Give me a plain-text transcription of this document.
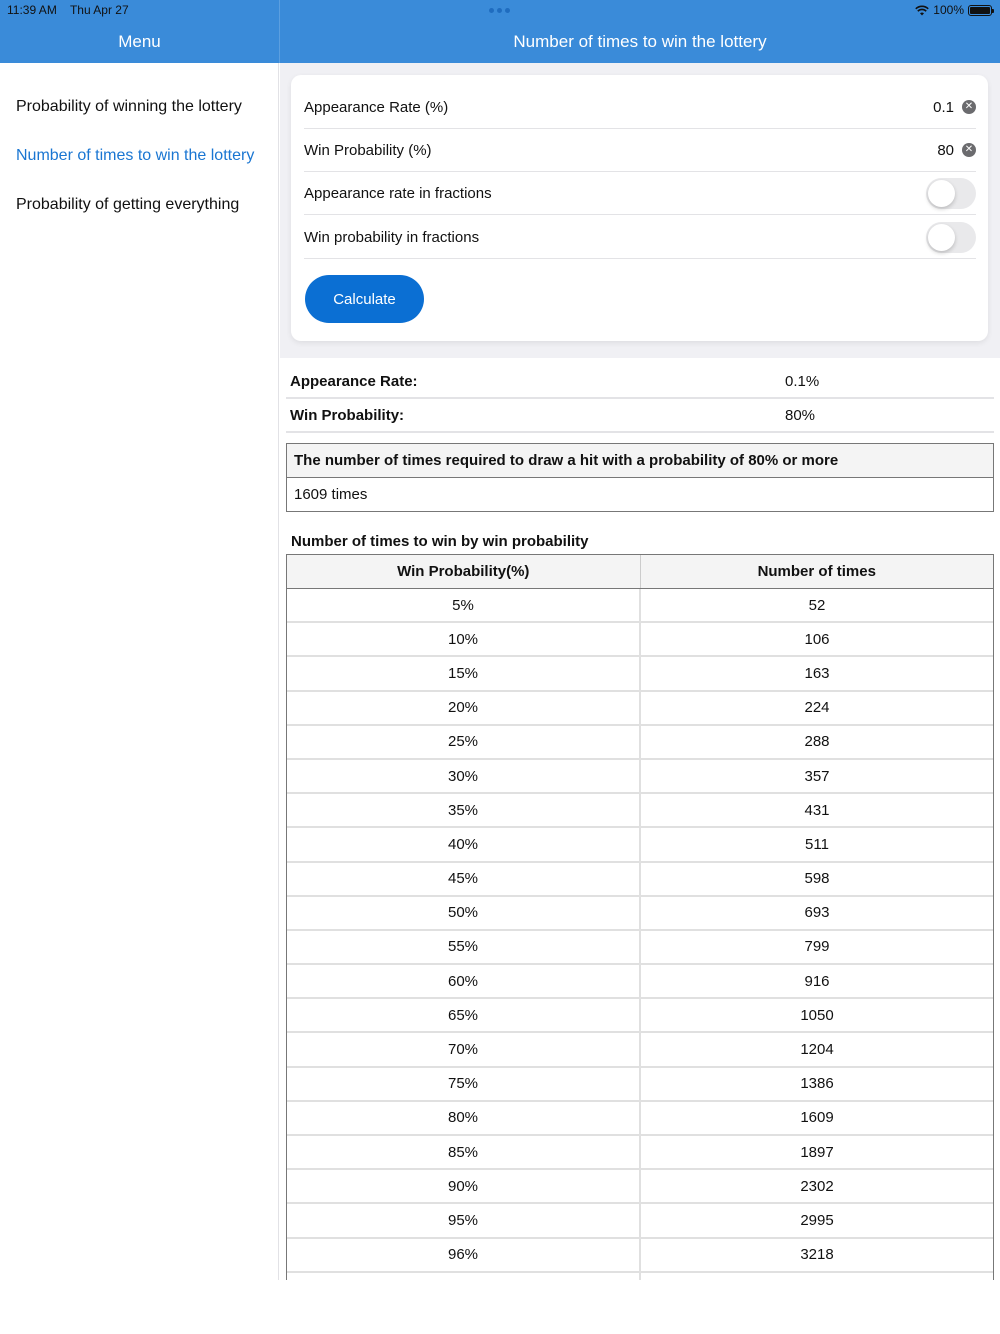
11:39 AM Thu Apr 27	100%
Menu	Number of times to win the lottery
Probability of winning the lottery
Number of times to win the lottery
Probability of getting everything
Appearance Rate (%)
0.1	✕
Win Probability (%)
80	✕
Appearance rate in fractions
Win probability in fractions
Calculate
Appearance Rate:	0.1%
Win Probability:	80%
The number of times required to draw a hit with a probability of 80% or more
1609 times
Number of times to win by win probability
Win Probability(%)	Number of times
5%	52
10%	106
15%	163
20%	224
25%	288
30%	357
35%	431
40%	511
45%	598
50%	693
55%	799
60%	916
65%	1050
70%	1204
75%	1386
80%	1609
85%	1897
90%	2302
95%	2995
96%	3218
